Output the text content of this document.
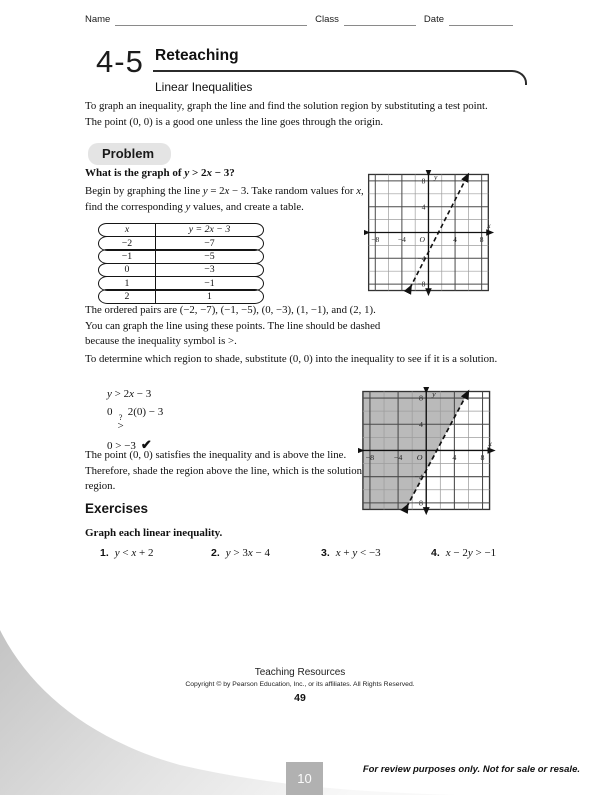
Name	Class	Date
4-5 Reteaching
Linear Inequalities

To graph an inequality, graph the line and find the solution region by substituting a test point. The point (0, 0) is a good one unless the line goes through the origin.

Problem

What is the graph of y > 2x − 3?

Begin by graphing the line y = 2x − 3. Take random values for x, find the corresponding y values, and create a table.

x	y = 2x − 3
−2	−7
−1	−5
0	−3
1	−1
2	1
−8 −4	4	8
O
8
4
−4
−8
x
y

The ordered pairs are (−2, −7), (−1, −5), (0, −3), (1, −1), and (2, 1). You can graph the line using these points. The line should be dashed because the inequality symbol is >.

To determine which region to shade, substitute (0, 0) into the inequality to see if it is a solution.

y > 2x − 3
0 ?
>
2(0) − 3
0 > −3 ✔

The point (0, 0) satisfies the inequality and is above the line. Therefore, shade the region above the line, which is the solution region.

−8	−4	4	8
O
8
4
−4
−8
x
y
Exercises

Graph each linear inequality.

1. y < x + 2	2. y > 3x − 4	3. x + y < −3	4. x − 2y > −1
Teaching Resources
Copyright © by Pearson Education, Inc., or its affiliates. All Rights Reserved.
49
10
For review purposes only. Not for sale or resale.
